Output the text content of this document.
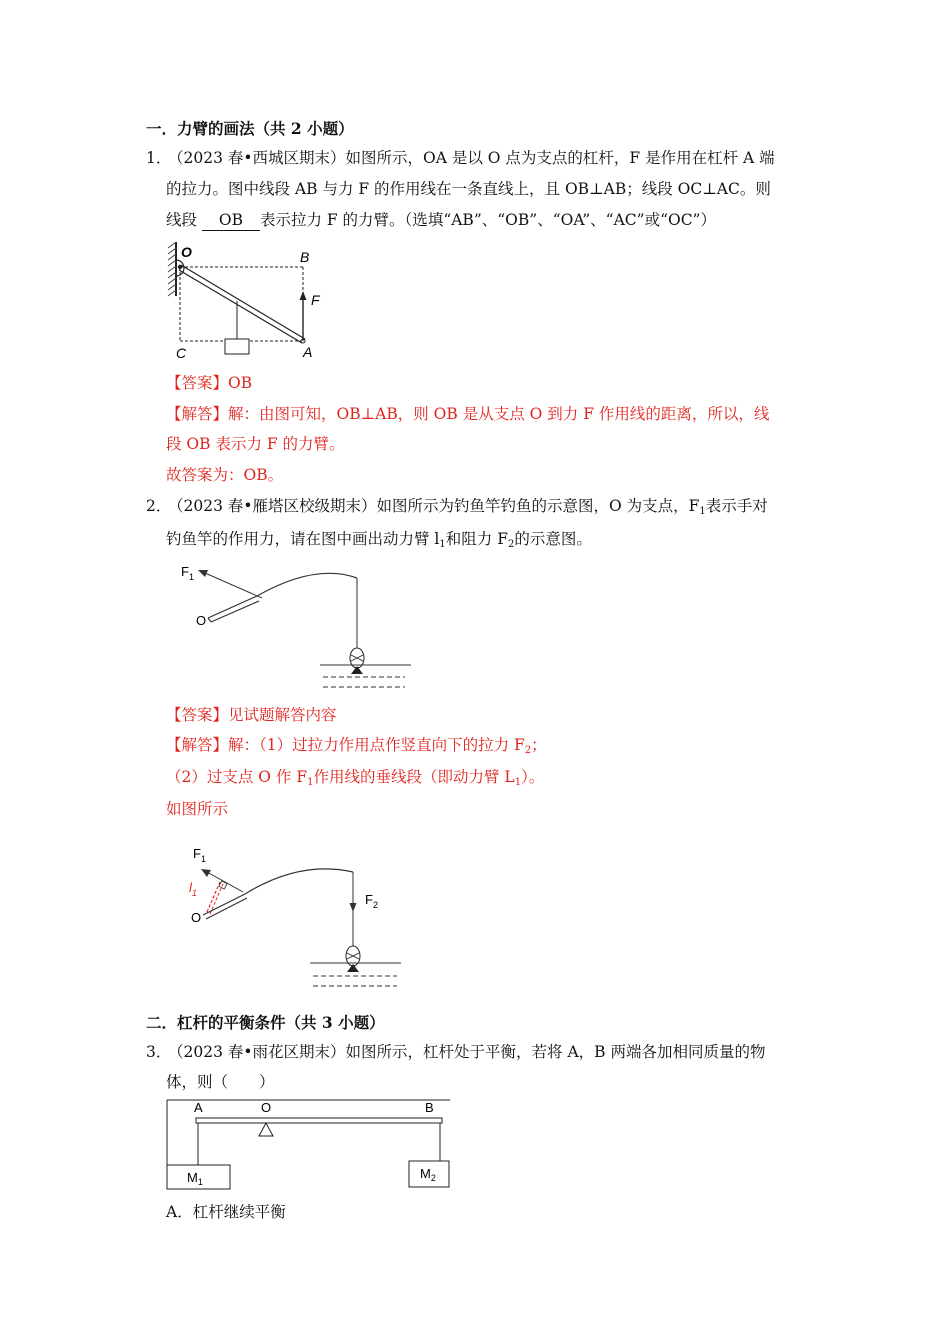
一．力臂的画法（共 2 小题）
1．
（2023 春•西城区期末）如图所示，OA 是以 O 点为支点的杠杆，F 是作用在杠杆 A 端
的拉力。图中线段 AB 与力 F 的作用线在一条直线上，且 OB⊥AB；线段 OC⊥AC。则
线段 OB 表示拉力 F 的力臂。（选填“AB”、“OB”、“OA”、“AC”或“OC”）
O	B
F
C	A
【答案】OB
【解答】解：由图可知，OB⊥AB，则 OB 是从支点 O 到力 F 作用线的距离，所以，线
段 OB 表示力 F 的力臂。
故答案为：OB。
2．
（2023 春•雁塔区校级期末）如图所示为钓鱼竿钓鱼的示意图，O 为支点，$F_1$表示手对
钓鱼竿的作用力，请在图中画出动力臂 $l_1$和阻力 $F_2$的示意图。
$F_1$
O
【答案】见试题解答内容
【解答】解：（1）过拉力作用点作竖直向下的拉力 $F_2$；
（2）过支点 O 作 $F_1$作用线的垂线段（即动力臂 $L_1$）。
如图所示
$F_1$
$l_1$
O
$F_2$
二．杠杆的平衡条件（共 3 小题）
3．
（2023 春•雨花区期末）如图所示，杠杆处于平衡，若将 A，B 两端各加相同质量的物
体，则（　　）
A	O	B
$M_1$
$M_2$
A．杠杆继续平衡
